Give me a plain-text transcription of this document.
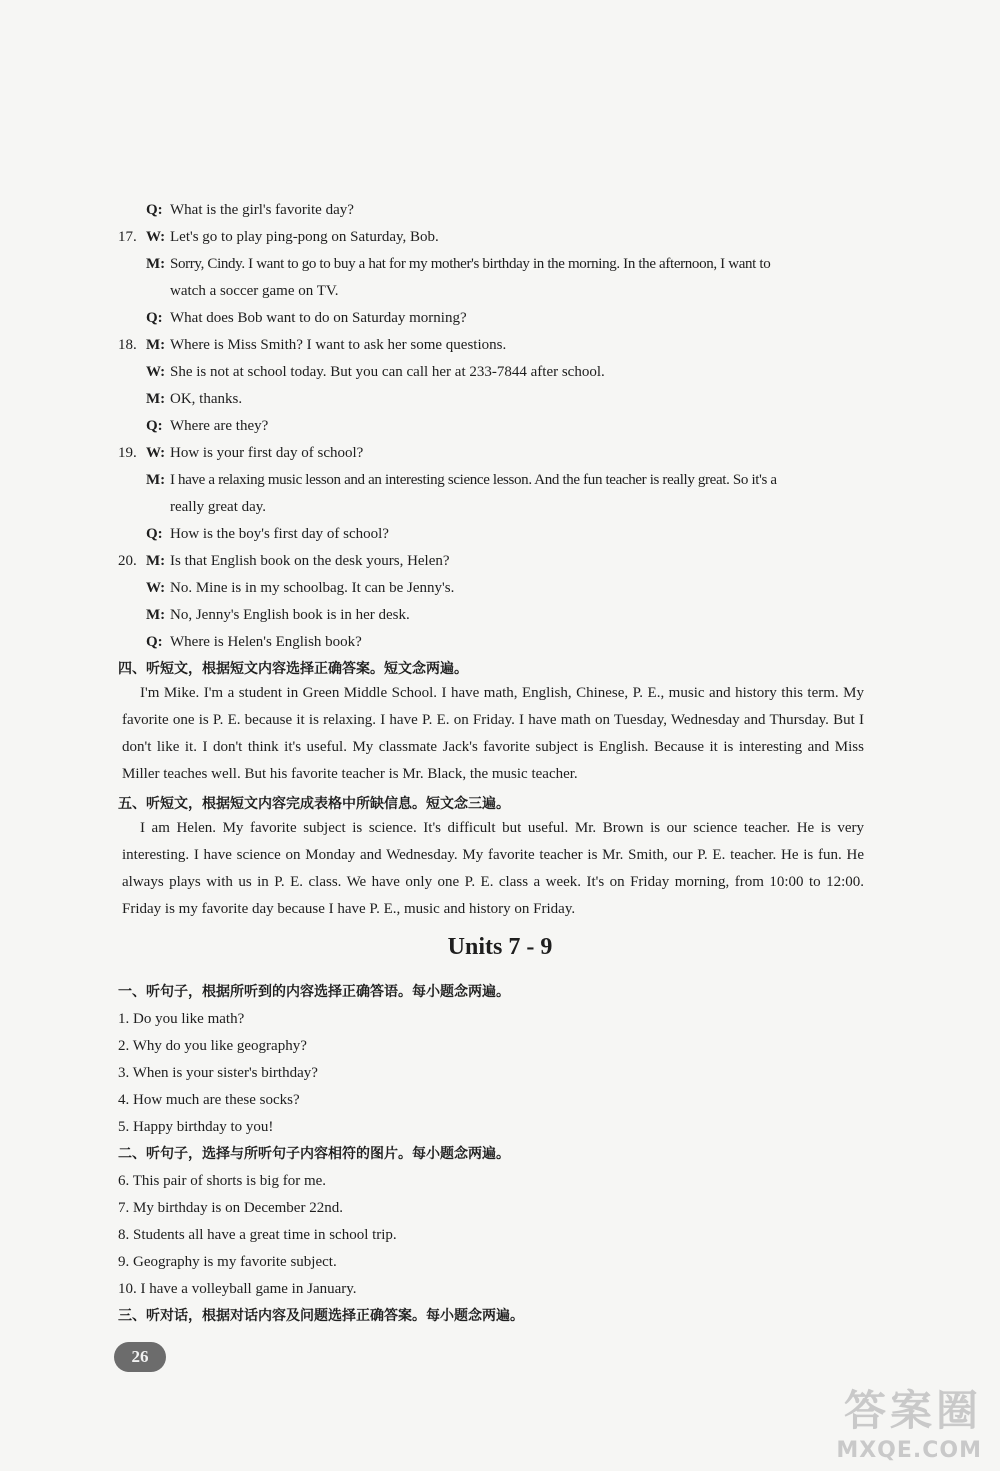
Q: What is the girl's favorite day?
17. W: Let's go to play ping-pong on Saturday, Bob.
M: Sorry, Cindy. I want to go to buy a hat for my mother's birthday in the morning. In the afternoon, I want to
watch a soccer game on TV.
Q: What does Bob want to do on Saturday morning?
18. M: Where is Miss Smith? I want to ask her some questions.
W: She is not at school today. But you can call her at 233-7844 after school.
M: OK, thanks.
Q: Where are they?
19. W: How is your first day of school?
M: I have a relaxing music lesson and an interesting science lesson. And the fun teacher is really great. So it's a
really great day.
Q: How is the boy's first day of school?
20. M: Is that English book on the desk yours, Helen?
W: No. Mine is in my schoolbag. It can be Jenny's.
M: No, Jenny's English book is in her desk.
Q: Where is Helen's English book?
四、听短文，根据短文内容选择正确答案。短文念两遍。
I'm Mike. I'm a student in Green Middle School. I have math, English, Chinese, P. E., music and history this term. My favorite one is P. E. because it is relaxing. I have P. E. on Friday. I have math on Tuesday, Wednesday and Thursday. But I don't like it. I don't think it's useful. My classmate Jack's favorite subject is English. Because it is interesting and Miss Miller teaches well. But his favorite teacher is Mr. Black, the music teacher.
五、听短文，根据短文内容完成表格中所缺信息。短文念三遍。
I am Helen. My favorite subject is science. It's difficult but useful. Mr. Brown is our science teacher. He is very interesting. I have science on Monday and Wednesday. My favorite teacher is Mr. Smith, our P. E. teacher. He is fun. He always plays with us in P. E. class. We have only one P. E. class a week. It's on Friday morning, from 10:00 to 12:00. Friday is my favorite day because I have P. E., music and history on Friday.
Units 7 - 9
一、听句子，根据所听到的内容选择正确答语。每小题念两遍。
1. Do you like math?
2. Why do you like geography?
3. When is your sister's birthday?
4. How much are these socks?
5. Happy birthday to you!
二、听句子，选择与所听句子内容相符的图片。每小题念两遍。
6. This pair of shorts is big for me.
7. My birthday is on December 22nd.
8. Students all have a great time in school trip.
9. Geography is my favorite subject.
10. I have a volleyball game in January.
三、听对话，根据对话内容及问题选择正确答案。每小题念两遍。
26
答案圈
MXQE.COM
